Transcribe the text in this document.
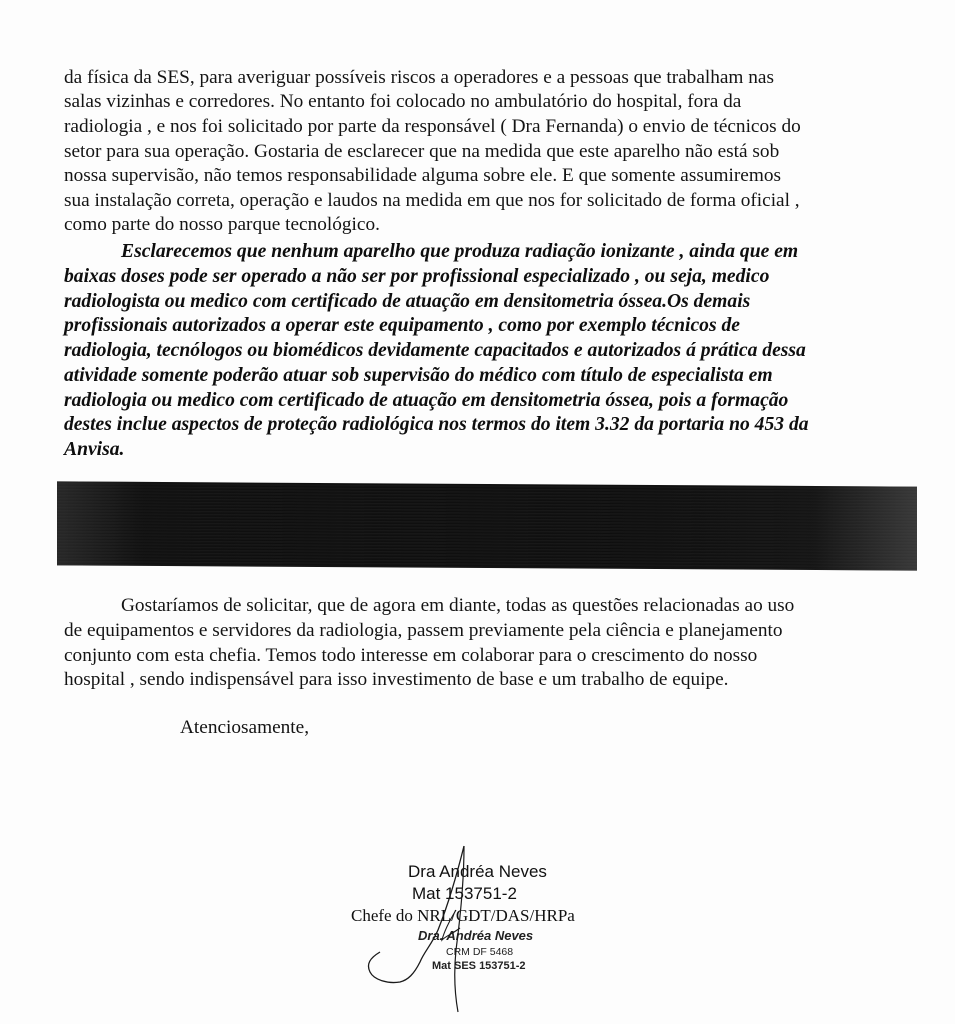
da física da SES, para averiguar possíveis riscos a operadores e a pessoas que trabalham nas
salas vizinhas e corredores. No entanto foi colocado no ambulatório do hospital, fora da
radiologia , e nos foi solicitado por parte da responsável ( Dra Fernanda) o envio de técnicos do
setor para sua operação. Gostaria de esclarecer que na medida que este aparelho não está sob
nossa supervisão, não temos responsabilidade alguma sobre ele. E que somente assumiremos
sua instalação correta, operação e laudos na medida em que nos for solicitado de forma oficial ,
como parte do nosso parque tecnológico.
Esclarecemos que nenhum aparelho que produza radiação ionizante , ainda que em
baixas doses pode ser operado a não ser por profissional especializado , ou seja, medico
radiologista ou medico com certificado de atuação em densitometria óssea.Os demais
profissionais autorizados a operar este equipamento , como por exemplo técnicos de
radiologia, tecnólogos ou biomédicos devidamente capacitados e autorizados á prática dessa
atividade somente poderão atuar sob supervisão do médico com título de especialista em
radiologia ou medico com certificado de atuação em densitometria óssea, pois a formação
destes inclue aspectos de proteção radiológica nos termos do item 3.32 da portaria no 453 da
Anvisa.
Gostaríamos de solicitar, que de agora em diante, todas as questões relacionadas ao uso
de equipamentos e servidores da radiologia, passem previamente pela ciência e planejamento
conjunto com esta chefia. Temos todo interesse em colaborar para o crescimento do nosso
hospital , sendo indispensável para isso investimento de base e um trabalho de equipe.
Atenciosamente,
Dra Andréa Neves
Mat 153751-2
Chefe do NRL/GDT/DAS/HRPa
Dra. Andréa Neves
CRM DF 5468
Mat SES 153751-2
